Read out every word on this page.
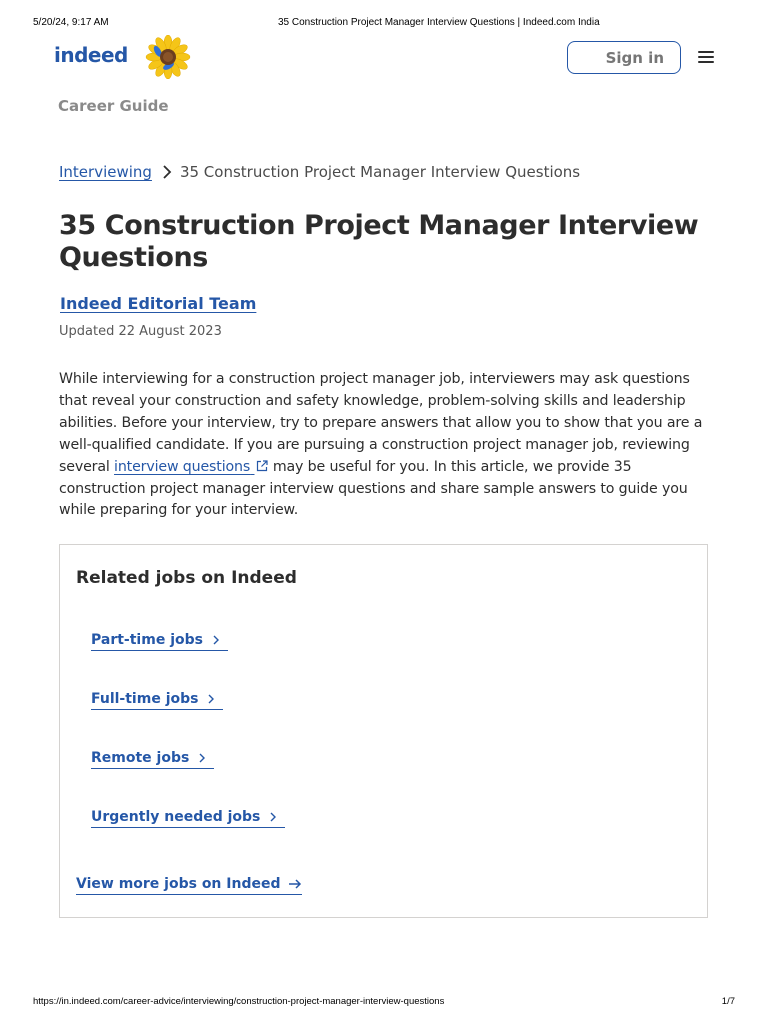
5/20/24, 9:17 AM	35 Construction Project Manager Interview Questions | Indeed.com India
indeed	Sign in
Career Guide
Interviewing 35 Construction Project Manager Interview Questions
35 Construction Project Manager Interview Questions
Indeed Editorial Team
Updated 22 August 2023

While interviewing for a construction project manager job, interviewers may ask questions that reveal your construction and safety knowledge, problem-solving skills and leadership abilities. Before your interview, try to prepare answers that allow you to show that you are a well-qualified candidate. If you are pursuing a construction project manager job, reviewing several interview questions  may be useful for you. In this article, we provide 35 construction project manager interview questions and share sample answers to guide you while preparing for your interview.

Related jobs on Indeed
Part-time jobs
Full-time jobs
Remote jobs
Urgently needed jobs
View more jobs on Indeed
https://in.indeed.com/career-advice/interviewing/construction-project-manager-interview-questions	1/7
